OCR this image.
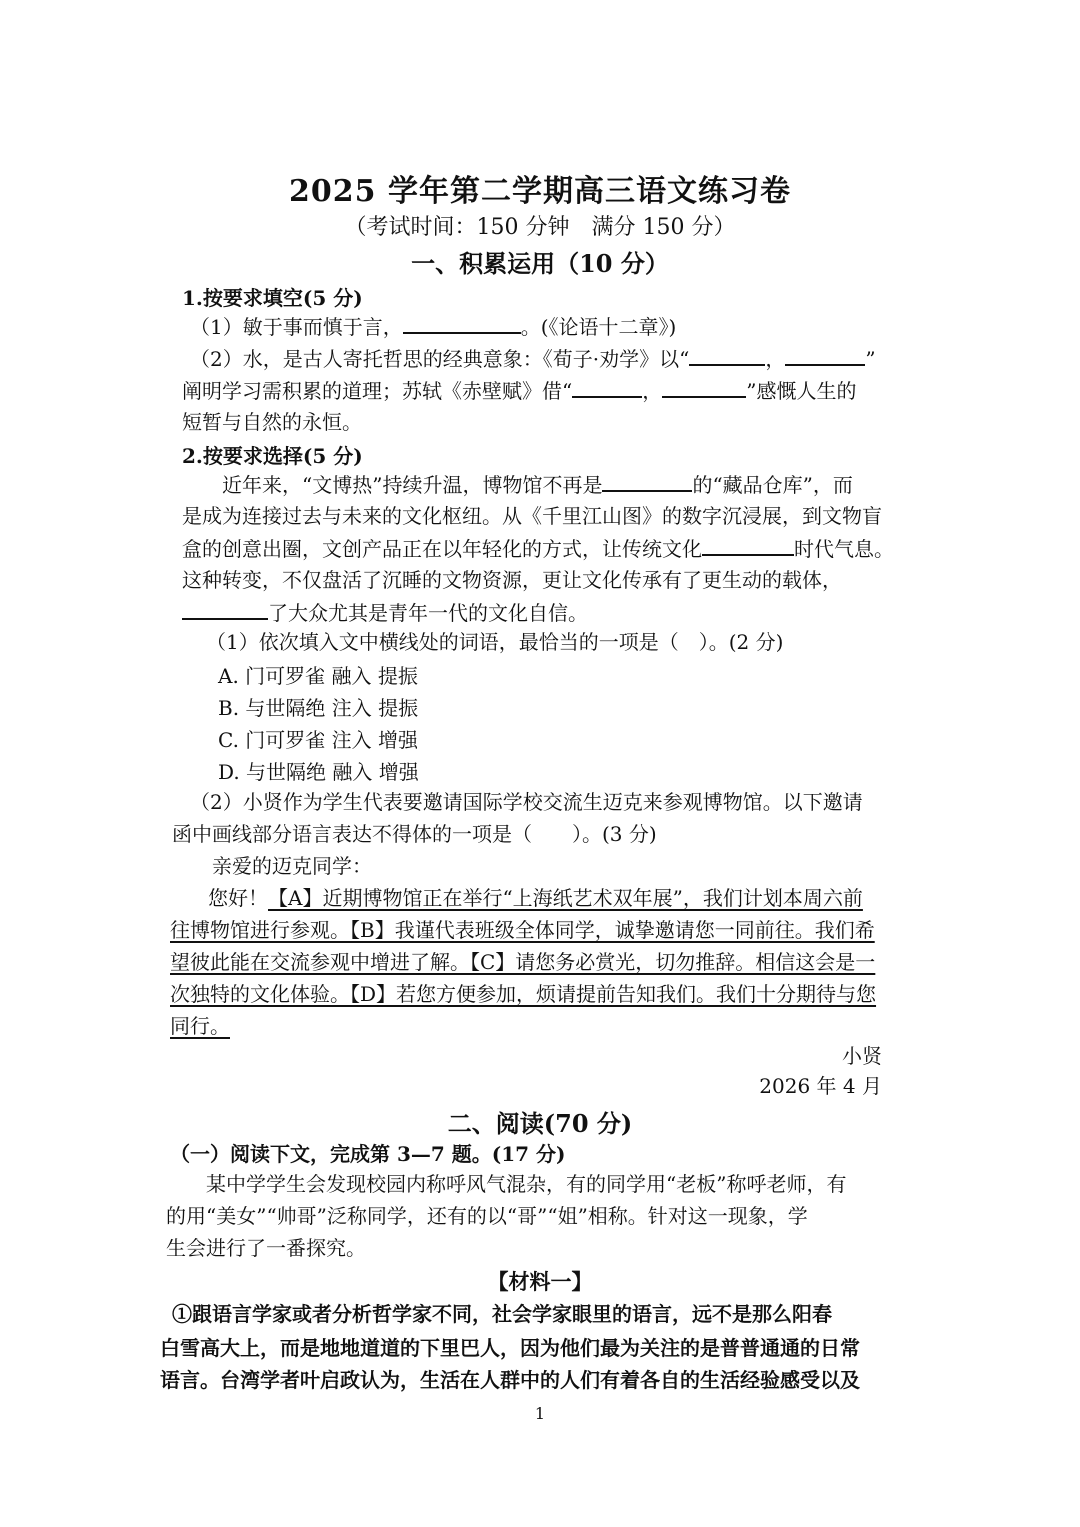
2025 学年第二学期高三语文练习卷
（考试时间：150 分钟　满分 150 分）
一、积累运用（10 分）
1.按要求填空(5 分)
（1）敏于事而慎于言，	。(《论语十二章》)
（2）水，是古人寄托哲思的经典意象：《荀子·劝学》以“	，	”
阐明学习需积累的道理；苏轼《赤壁赋》借“	，	”感慨人生的
短暂与自然的永恒。
2.按要求选择(5 分)
近年来，“文博热”持续升温，博物馆不再是	的“藏品仓库”，而
是成为连接过去与未来的文化枢纽。从《千里江山图》的数字沉浸展，到文物盲
盒的创意出圈，文创产品正在以年轻化的方式，让传统文化	时代气息。
这种转变，不仅盘活了沉睡的文物资源，更让文化传承有了更生动的载体，
了大众尤其是青年一代的文化自信。
（1）依次填入文中横线处的词语，最恰当的一项是（　）。(2 分)
A. 门可罗雀 融入 提振
B. 与世隔绝 注入 提振
C. 门可罗雀 注入 增强
D. 与世隔绝 融入 增强
（2）小贤作为学生代表要邀请国际学校交流生迈克来参观博物馆。以下邀请
函中画线部分语言表达不得体的一项是（　　）。(3 分)
亲爱的迈克同学：
您好！【A】近期博物馆正在举行“上海纸艺术双年展”，我们计划本周六前
往博物馆进行参观。【B】我谨代表班级全体同学，诚挚邀请您一同前往。我们希
望彼此能在交流参观中增进了解。【C】请您务必赏光，切勿推辞。相信这会是一
次独特的文化体验。【D】若您方便参加，烦请提前告知我们。我们十分期待与您
同行。
小贤
2026 年 4 月
二、阅读(70 分)
（一）阅读下文，完成第 3—7 题。(17 分)
某中学学生会发现校园内称呼风气混杂，有的同学用“老板”称呼老师，有
的用“美女”“帅哥”泛称同学，还有的以“哥”“姐”相称。针对这一现象，学
生会进行了一番探究。
【材料一】
①跟语言学家或者分析哲学家不同，社会学家眼里的语言，远不是那么阳春
白雪高大上，而是地地道道的下里巴人，因为他们最为关注的是普普通通的日常
语言。台湾学者叶启政认为，生活在人群中的人们有着各自的生活经验感受以及
1
